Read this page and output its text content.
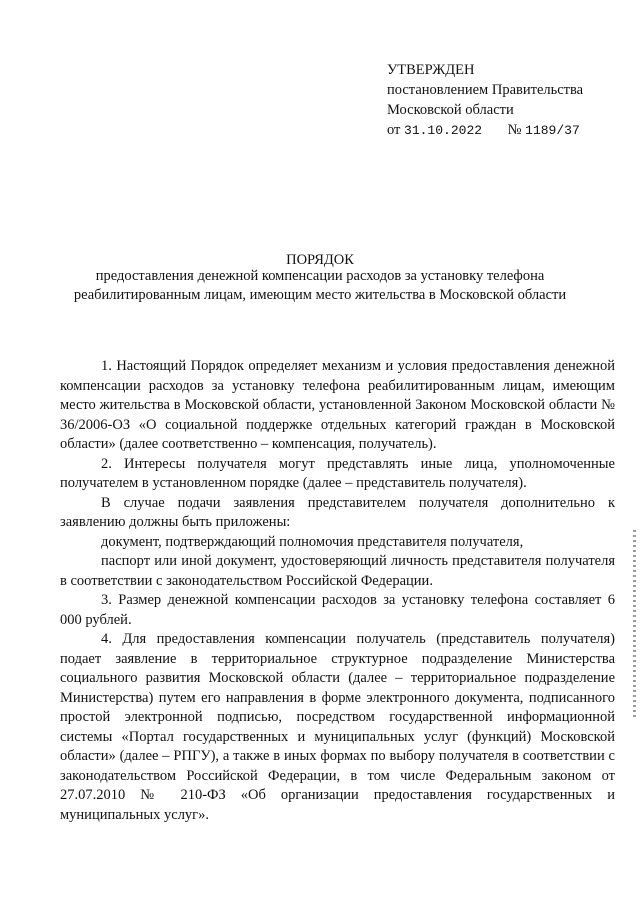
УТВЕРЖДЕН
постановлением Правительства
Московской области
от 31.10.2022 № 1189/37
ПОРЯДОК
предоставления денежной компенсации расходов за установку телефона
реабилитированным лицам, имеющим место жительства в Московской области

1. Настоящий Порядок определяет механизм и условия предоставления денежной компенсации расходов за установку телефона реабилитированным лицам, имеющим место жительства в Московской области, установленной Законом Московской области № 36/2006-ОЗ «О социальной поддержке отдельных категорий граждан в Московской области» (далее соответственно – компенсация, получатель).

2. Интересы получателя могут представлять иные лица, уполномоченные получателем в установленном порядке (далее – представитель получателя).

В случае подачи заявления представителем получателя дополнительно к заявлению должны быть приложены:

документ, подтверждающий полномочия представителя получателя,

паспорт или иной документ, удостоверяющий личность представителя получателя в соответствии с законодательством Российской Федерации.

3. Размер денежной компенсации расходов за установку телефона составляет 6 000 рублей.

4. Для предоставления компенсации получатель (представитель получателя) подает заявление в территориальное структурное подразделение Министерства социального развития Московской области (далее – территориальное подразделение Министерства) путем его направления в форме электронного документа, подписанного простой электронной подписью, посредством государственной информационной системы «Портал государственных и муниципальных услуг (функций) Московской области» (далее – РПГУ), а также в иных формах по выбору получателя в соответствии с законодательством Российской Федерации, в том числе Федеральным законом от 27.07.2010 № 210-ФЗ «Об организации предоставления государственных и муниципальных услуг».
